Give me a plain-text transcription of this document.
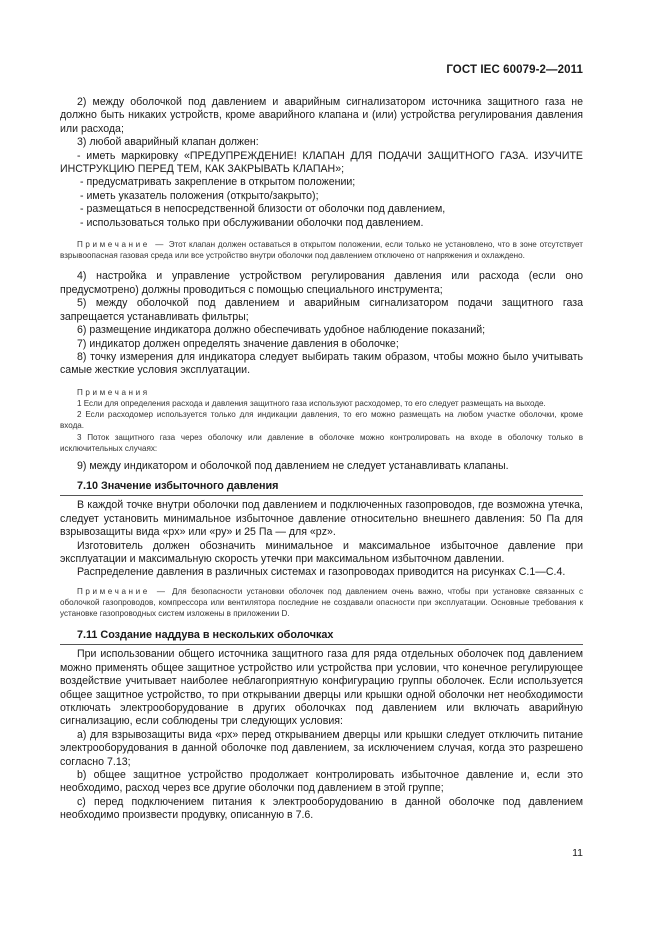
ГОСТ IEC 60079-2—2011

2) между оболочкой под давлением и аварийным сигнализатором источника защитного газа не должно быть никаких устройств, кроме аварийного клапана и (или) устройства регулирования давления или расхода;

3) любой аварийный клапан должен:

- иметь маркировку «ПРЕДУПРЕЖДЕНИЕ! КЛАПАН ДЛЯ ПОДАЧИ ЗАЩИТНОГО ГАЗА. ИЗУЧИТЕ ИНСТРУКЦИЮ ПЕРЕД ТЕМ, КАК ЗАКРЫВАТЬ КЛАПАН»;

- предусматривать закрепление в открытом положении;

- иметь указатель положения (открыто/закрыто);

- размещаться в непосредственной близости от оболочки под давлением,

- использоваться только при обслуживании оболочки под давлением.

Примечание — Этот клапан должен оставаться в открытом положении, если только не установлено, что в зоне отсутствует взрывоопасная газовая среда или все устройство внутри оболочки под давлением отключено от напряжения и охлаждено.

4) настройка и управление устройством регулирования давления или расхода (если оно предусмотрено) должны проводиться с помощью специального инструмента;

5) между оболочкой под давлением и аварийным сигнализатором подачи защитного газа запрещается устанавливать фильтры;

6) размещение индикатора должно обеспечивать удобное наблюдение показаний;

7) индикатор должен определять значение давления в оболочке;

8) точку измерения для индикатора следует выбирать таким образом, чтобы можно было учитывать самые жесткие условия эксплуатации.

Примечания

1 Если для определения расхода и давления защитного газа используют расходомер, то его следует размещать на выходе.

2 Если расходомер используется только для индикации давления, то его можно размещать на любом участке оболочки, кроме входа.

3 Поток защитного газа через оболочку или давление в оболочке можно контролировать на входе в оболочку только в исключительных случаях:

9) между индикатором и оболочкой под давлением не следует устанавливать клапаны.

7.10 Значение избыточного давления

В каждой точке внутри оболочки под давлением и подключенных газопроводов, где возможна утечка, следует установить минимальное избыточное давление относительно внешнего давления: 50 Па для взрывозащиты вида «px» или «py» и 25 Па — для «pz».

Изготовитель должен обозначить минимальное и максимальное избыточное давление при эксплуатации и максимальную скорость утечки при максимальном избыточном давлении.

Распределение давления в различных системах и газопроводах приводится на рисунках С.1—С.4.

Примечание — Для безопасности установки оболочек под давлением очень важно, чтобы при установке связанных с оболочкой газопроводов, компрессора или вентилятора последние не создавали опасности при эксплуатации. Основные требования к установке газопроводных систем изложены в приложении D.

7.11 Создание наддува в нескольких оболочках

При использовании общего источника защитного газа для ряда отдельных оболочек под давлением можно применять общее защитное устройство или устройства при условии, что конечное регулирующее воздействие учитывает наиболее неблагоприятную конфигурацию группы оболочек. Если используется общее защитное устройство, то при открывании дверцы или крышки одной оболочки нет необходимости отключать электрооборудование в других оболочках под давлением или включать аварийную сигнализацию, если соблюдены три следующих условия:

a) для взрывозащиты вида «px» перед открыванием дверцы или крышки следует отключить питание электрооборудования в данной оболочке под давлением, за исключением случая, когда это разрешено согласно 7.13;

b) общее защитное устройство продолжает контролировать избыточное давление и, если это необходимо, расход через все другие оболочки под давлением в этой группе;

c) перед подключением питания к электрооборудованию в данной оболочке под давлением необходимо произвести продувку, описанную в 7.6.

11
